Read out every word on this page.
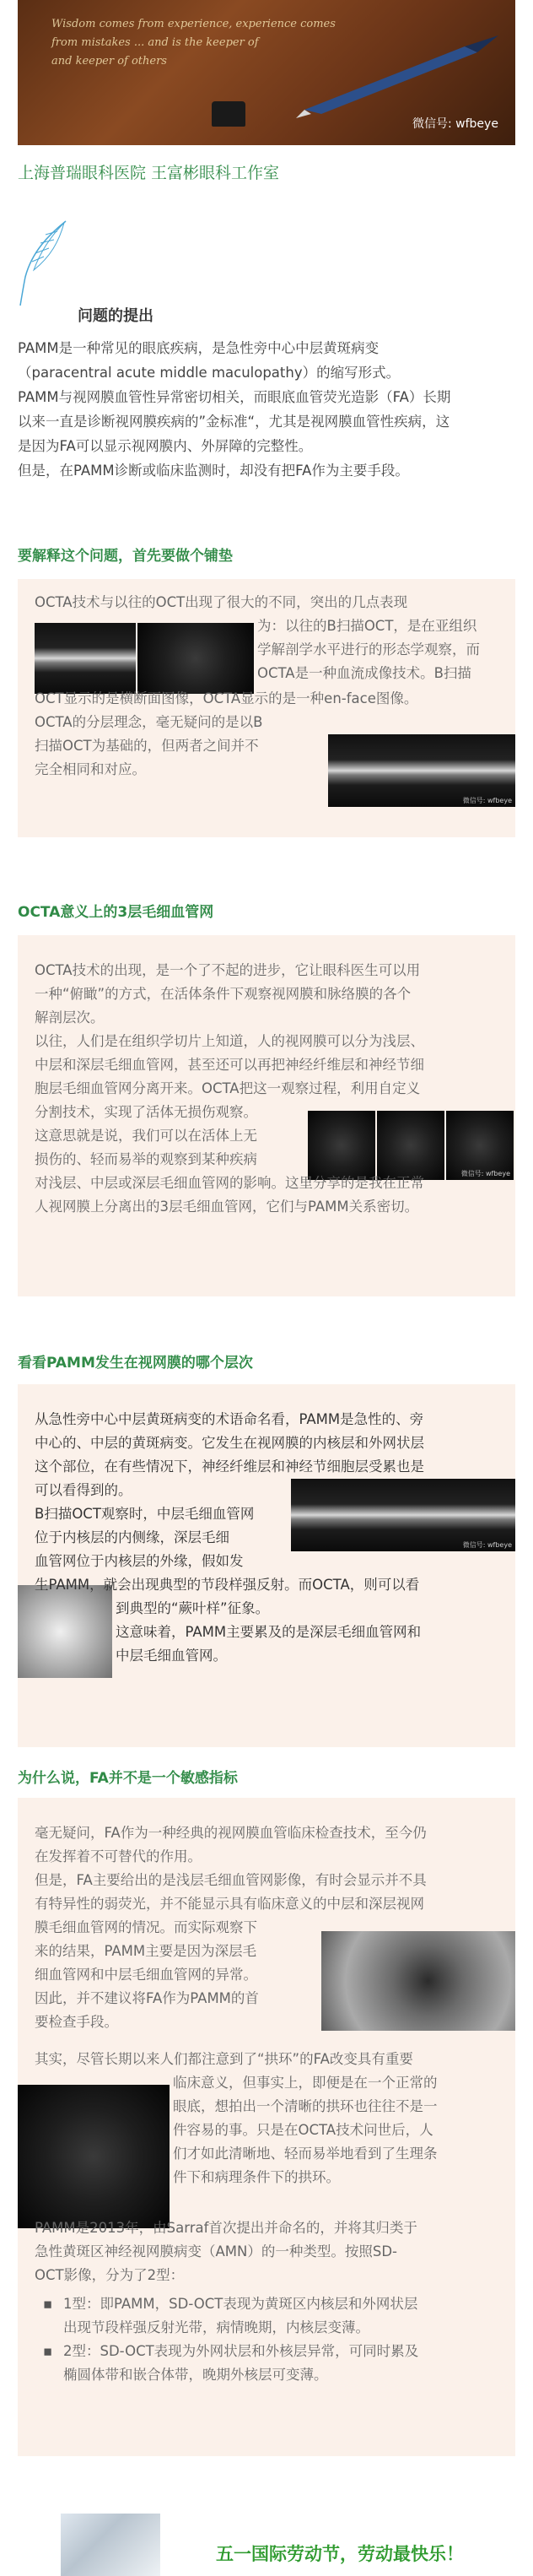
Wisdom comes from experience, experience comes
from mistakes ... and is the keeper of
and keeper of others
微信号: wfbeye
上海普瑞眼科医院 王富彬眼科工作室
问题的提出
PAMM是一种常见的眼底疾病，是急性旁中心中层黄斑病变
（paracentral acute middle maculopathy）的缩写形式。
PAMM与视网膜血管性异常密切相关，而眼底血管荧光造影（FA）长期
以来一直是诊断视网膜疾病的”金标准“，尤其是视网膜血管性疾病，这
是因为FA可以显示视网膜内、外屏障的完整性。
但是，在PAMM诊断或临床监测时，却没有把FA作为主要手段。
要解释这个问题，首先要做个铺垫
微信号: wfbeye
OCTA技术与以往的OCT出现了很大的不同，突出的几点表现
为：以往的B扫描OCT，是在亚组织
学解剖学水平进行的形态学观察，而
OCTA是一种血流成像技术。B扫描
OCT显示的是横断面图像，OCTA显示的是一种en-face图像。
OCTA的分层理念，毫无疑问的是以B
扫描OCT为基础的，但两者之间并不
完全相同和对应。
OCTA意义上的3层毛细血管网
微信号: wfbeye
OCTA技术的出现，是一个了不起的进步，它让眼科医生可以用
一种“俯瞰”的方式，在活体条件下观察视网膜和脉络膜的各个
解剖层次。
以往，人们是在组织学切片上知道，人的视网膜可以分为浅层、
中层和深层毛细血管网，甚至还可以再把神经纤维层和神经节细
胞层毛细血管网分离开来。OCTA把这一观察过程，利用自定义
分割技术，实现了活体无损伤观察。
这意思就是说，我们可以在活体上无
损伤的、轻而易举的观察到某种疾病
对浅层、中层或深层毛细血管网的影响。这里分享的是我在正常
人视网膜上分离出的3层毛细血管网，它们与PAMM关系密切。
看看PAMM发生在视网膜的哪个层次
微信号: wfbeye
从急性旁中心中层黄斑病变的术语命名看，PAMM是急性的、旁
中心的、中层的黄斑病变。它发生在视网膜的内核层和外网状层
这个部位，在有些情况下，神经纤维层和神经节细胞层受累也是
可以看得到的。
B扫描OCT观察时，中层毛细血管网
位于内核层的内侧缘，深层毛细
血管网位于内核层的外缘，假如发
生PAMM，就会出现典型的节段样强反射。而OCTA，则可以看
到典型的“蕨叶样”征象。
这意味着，PAMM主要累及的是深层毛细血管网和
中层毛细血管网。
为什么说，FA并不是一个敏感指标
毫无疑问，FA作为一种经典的视网膜血管临床检查技术，至今仍
在发挥着不可替代的作用。
但是，FA主要给出的是浅层毛细血管网影像，有时会显示并不具
有特异性的弱荧光，并不能显示具有临床意义的中层和深层视网
膜毛细血管网的情况。而实际观察下
来的结果，PAMM主要是因为深层毛
细血管网和中层毛细血管网的异常。
因此，并不建议将FA作为PAMM的首
要检查手段。
其实，尽管长期以来人们都注意到了“拱环”的FA改变具有重要
临床意义，但事实上，即便是在一个正常的
眼底，想拍出一个清晰的拱环也往往不是一
件容易的事。只是在OCTA技术问世后，人
们才如此清晰地、轻而易举地看到了生理条
件下和病理条件下的拱环。
PAMM是2013年，由Sarraf首次提出并命名的，并将其归类于
急性黄斑区神经视网膜病变（AMN）的一种类型。按照SD-
OCT影像，分为了2型：
▪ 1型：即PAMM，SD-OCT表现为黄斑区内核层和外网状层
出现节段样强反射光带，病情晚期，内核层变薄。
▪ 2型：SD-OCT表现为外网状层和外核层异常，可同时累及
椭圆体带和嵌合体带，晚期外核层可变薄。
五一国际劳动节，劳动最快乐！
